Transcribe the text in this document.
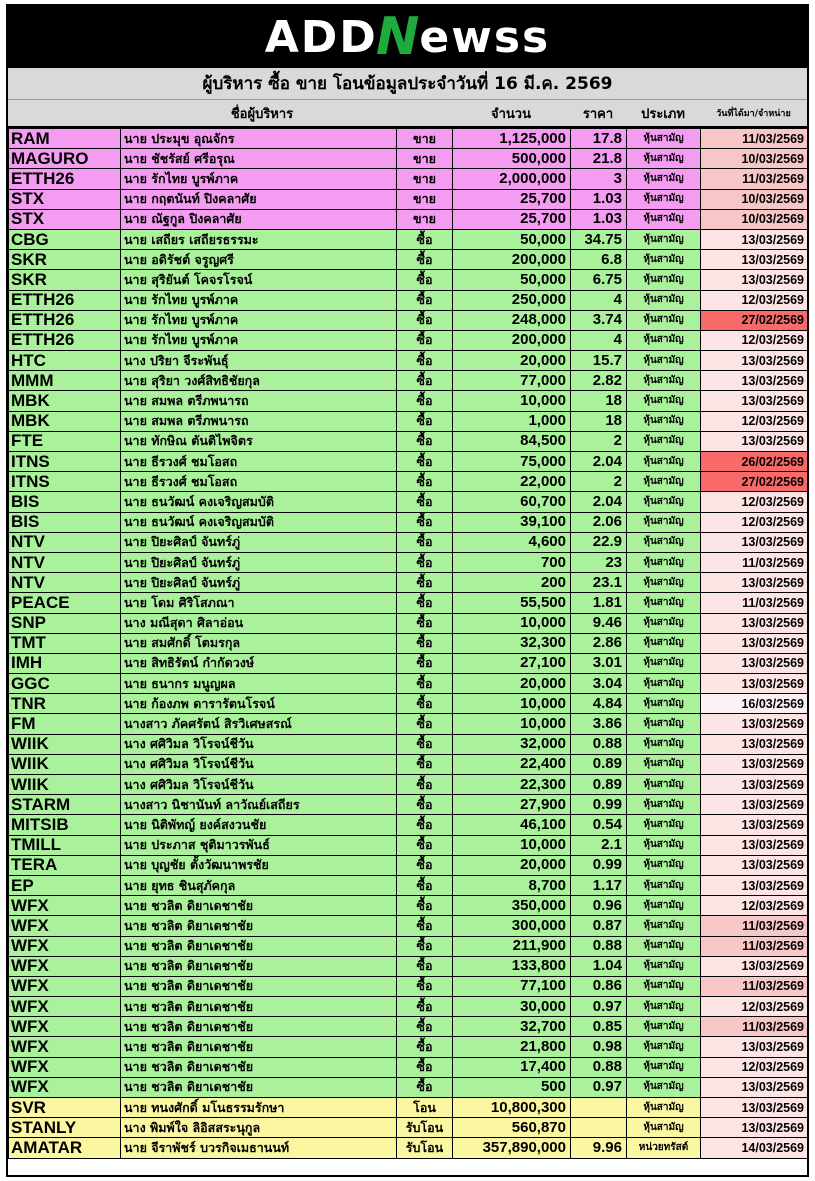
ADD
N
ewss
ผู้บริหาร ซื้อ ขาย โอนข้อมูลประจำวันที่ 16 มี.ค. 2569
ชื่อผู้บริหาร	จำนวน	ราคา	ประเภท	วันที่ได้มา/จำหน่าย
RAM	นาย ประมุข อุณจักร	ขาย	1,125,000	17.8	หุ้นสามัญ	11/03/2569
MAGURO	นาย ชัชรัสย์ ศรีอรุณ	ขาย	500,000	21.8	หุ้นสามัญ	10/03/2569
ETTH26	นาย รักไทย บูรพ์ภาค	ขาย	2,000,000	3	หุ้นสามัญ	11/03/2569
STX	นาย กฤตนันท์ ปิงคลาศัย	ขาย	25,700	1.03	หุ้นสามัญ	10/03/2569
STX	นาย ณัฐกูล ปิงคลาศัย	ขาย	25,700	1.03	หุ้นสามัญ	10/03/2569
CBG	นาย เสถียร เสถียรธรรมะ	ซื้อ	50,000	34.75	หุ้นสามัญ	13/03/2569
SKR	นาย อดิรัชต์ จรูญศรี	ซื้อ	200,000	6.8	หุ้นสามัญ	13/03/2569
SKR	นาย สุริยันต์ โคจรโรจน์	ซื้อ	50,000	6.75	หุ้นสามัญ	13/03/2569
ETTH26	นาย รักไทย บูรพ์ภาค	ซื้อ	250,000	4	หุ้นสามัญ	12/03/2569
ETTH26	นาย รักไทย บูรพ์ภาค	ซื้อ	248,000	3.74	หุ้นสามัญ	27/02/2569
ETTH26	นาย รักไทย บูรพ์ภาค	ซื้อ	200,000	4	หุ้นสามัญ	12/03/2569
HTC	นาง ปริยา จีระพันธุ์	ซื้อ	20,000	15.7	หุ้นสามัญ	13/03/2569
MMM	นาย สุริยา วงศ์สิทธิชัยกุล	ซื้อ	77,000	2.82	หุ้นสามัญ	13/03/2569
MBK	นาย สมพล ตรีภพนารถ	ซื้อ	10,000	18	หุ้นสามัญ	13/03/2569
MBK	นาย สมพล ตรีภพนารถ	ซื้อ	1,000	18	หุ้นสามัญ	12/03/2569
FTE	นาย ทักษิณ ตันติไพจิตร	ซื้อ	84,500	2	หุ้นสามัญ	13/03/2569
ITNS	นาย ธีรวงศ์ ชมโอสถ	ซื้อ	75,000	2.04	หุ้นสามัญ	26/02/2569
ITNS	นาย ธีรวงศ์ ชมโอสถ	ซื้อ	22,000	2	หุ้นสามัญ	27/02/2569
BIS	นาย ธนวัฒน์ คงเจริญสมบัติ	ซื้อ	60,700	2.04	หุ้นสามัญ	12/03/2569
BIS	นาย ธนวัฒน์ คงเจริญสมบัติ	ซื้อ	39,100	2.06	หุ้นสามัญ	12/03/2569
NTV	นาย ปิยะศิลป์ จันทร์ภู่	ซื้อ	4,600	22.9	หุ้นสามัญ	13/03/2569
NTV	นาย ปิยะศิลป์ จันทร์ภู่	ซื้อ	700	23	หุ้นสามัญ	11/03/2569
NTV	นาย ปิยะศิลป์ จันทร์ภู่	ซื้อ	200	23.1	หุ้นสามัญ	13/03/2569
PEACE	นาย โดม ศิริโสภณา	ซื้อ	55,500	1.81	หุ้นสามัญ	11/03/2569
SNP	นาง มณีสุดา ศิลาอ่อน	ซื้อ	10,000	9.46	หุ้นสามัญ	13/03/2569
TMT	นาย สมศักดิ์ โตมรกุล	ซื้อ	32,300	2.86	หุ้นสามัญ	13/03/2569
IMH	นาย สิทธิรัตน์ กำกัดวงษ์	ซื้อ	27,100	3.01	หุ้นสามัญ	13/03/2569
GGC	นาย ธนากร มนูญผล	ซื้อ	20,000	3.04	หุ้นสามัญ	13/03/2569
TNR	นาย ก้องภพ ดารารัตนโรจน์	ซื้อ	10,000	4.84	หุ้นสามัญ	16/03/2569
FM	นางสาว ภัคศรัตน์ สิรวิเศษสรณ์	ซื้อ	10,000	3.86	หุ้นสามัญ	13/03/2569
WIIK	นาง ศศิวิมล วิโรจน์ชีวัน	ซื้อ	32,000	0.88	หุ้นสามัญ	13/03/2569
WIIK	นาง ศศิวิมล วิโรจน์ชีวัน	ซื้อ	22,400	0.89	หุ้นสามัญ	13/03/2569
WIIK	นาง ศศิวิมล วิโรจน์ชีวัน	ซื้อ	22,300	0.89	หุ้นสามัญ	13/03/2569
STARM	นางสาว นิชานันท์ ลาวัณย์เสถียร	ซื้อ	27,900	0.99	หุ้นสามัญ	13/03/2569
MITSIB	นาย นิติพัทญ์ ยงค์สงวนชัย	ซื้อ	46,100	0.54	หุ้นสามัญ	13/03/2569
TMILL	นาย ประภาส ชุติมาวรพันธ์	ซื้อ	10,000	2.1	หุ้นสามัญ	13/03/2569
TERA	นาย บุญชัย ตั้งวัฒนาพรชัย	ซื้อ	20,000	0.99	หุ้นสามัญ	13/03/2569
EP	นาย ยุทธ ชินสุภัคกุล	ซื้อ	8,700	1.17	หุ้นสามัญ	13/03/2569
WFX	นาย ชวลิต ดิยาเดชาชัย	ซื้อ	350,000	0.96	หุ้นสามัญ	12/03/2569
WFX	นาย ชวลิต ดิยาเดชาชัย	ซื้อ	300,000	0.87	หุ้นสามัญ	11/03/2569
WFX	นาย ชวลิต ดิยาเดชาชัย	ซื้อ	211,900	0.88	หุ้นสามัญ	11/03/2569
WFX	นาย ชวลิต ดิยาเดชาชัย	ซื้อ	133,800	1.04	หุ้นสามัญ	13/03/2569
WFX	นาย ชวลิต ดิยาเดชาชัย	ซื้อ	77,100	0.86	หุ้นสามัญ	11/03/2569
WFX	นาย ชวลิต ดิยาเดชาชัย	ซื้อ	30,000	0.97	หุ้นสามัญ	12/03/2569
WFX	นาย ชวลิต ดิยาเดชาชัย	ซื้อ	32,700	0.85	หุ้นสามัญ	11/03/2569
WFX	นาย ชวลิต ดิยาเดชาชัย	ซื้อ	21,800	0.98	หุ้นสามัญ	13/03/2569
WFX	นาย ชวลิต ดิยาเดชาชัย	ซื้อ	17,400	0.88	หุ้นสามัญ	12/03/2569
WFX	นาย ชวลิต ดิยาเดชาชัย	ซื้อ	500	0.97	หุ้นสามัญ	13/03/2569
SVR	นาย ทนงศักดิ์ มโนธรรมรักษา	โอน	10,800,300		หุ้นสามัญ	13/03/2569
STANLY	นาง พิมพ์ใจ ลิอิสสระนุกูล	รับโอน	560,870		หุ้นสามัญ	13/03/2569
AMATAR	นาย จีราพัชร์ บวรกิจเมธานนท์	รับโอน	357,890,000	9.96	หน่วยทรัสต์	14/03/2569
